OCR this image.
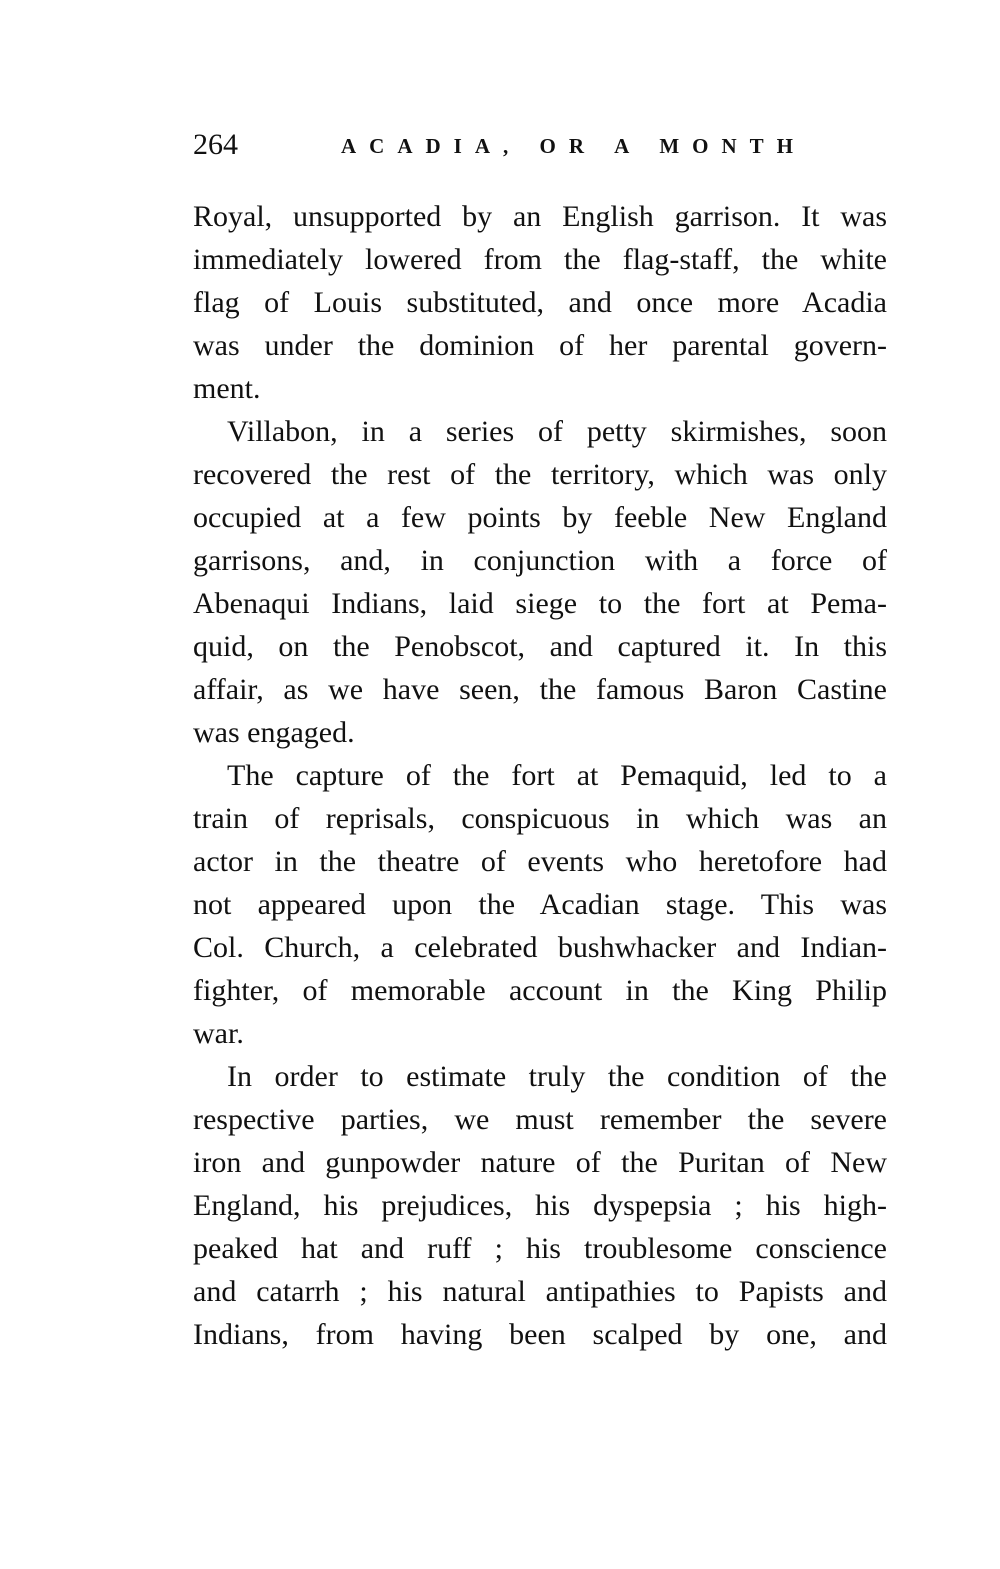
264	ACADIA, OR A MONTH
Royal, unsupported by an English garrison. It was
immediately lowered from the flag-staff, the white
flag of Louis substituted, and once more Acadia
was under the dominion of her parental govern-
ment.
Villabon, in a series of petty skirmishes, soon
recovered the rest of the territory, which was only
occupied at a few points by feeble New England
garrisons, and, in conjunction with a force of
Abenaqui Indians, laid siege to the fort at Pema-
quid, on the Penobscot, and captured it. In this
affair, as we have seen, the famous Baron Castine
was engaged.
The capture of the fort at Pemaquid, led to a
train of reprisals, conspicuous in which was an
actor in the theatre of events who heretofore had
not appeared upon the Acadian stage. This was
Col. Church, a celebrated bushwhacker and Indian-
fighter, of memorable account in the King Philip
war.
In order to estimate truly the condition of the
respective parties, we must remember the severe
iron and gunpowder nature of the Puritan of New
England, his prejudices, his dyspepsia ; his high-
peaked hat and ruff ; his troublesome conscience
and catarrh ; his natural antipathies to Papists and
Indians, from having been scalped by one, and
